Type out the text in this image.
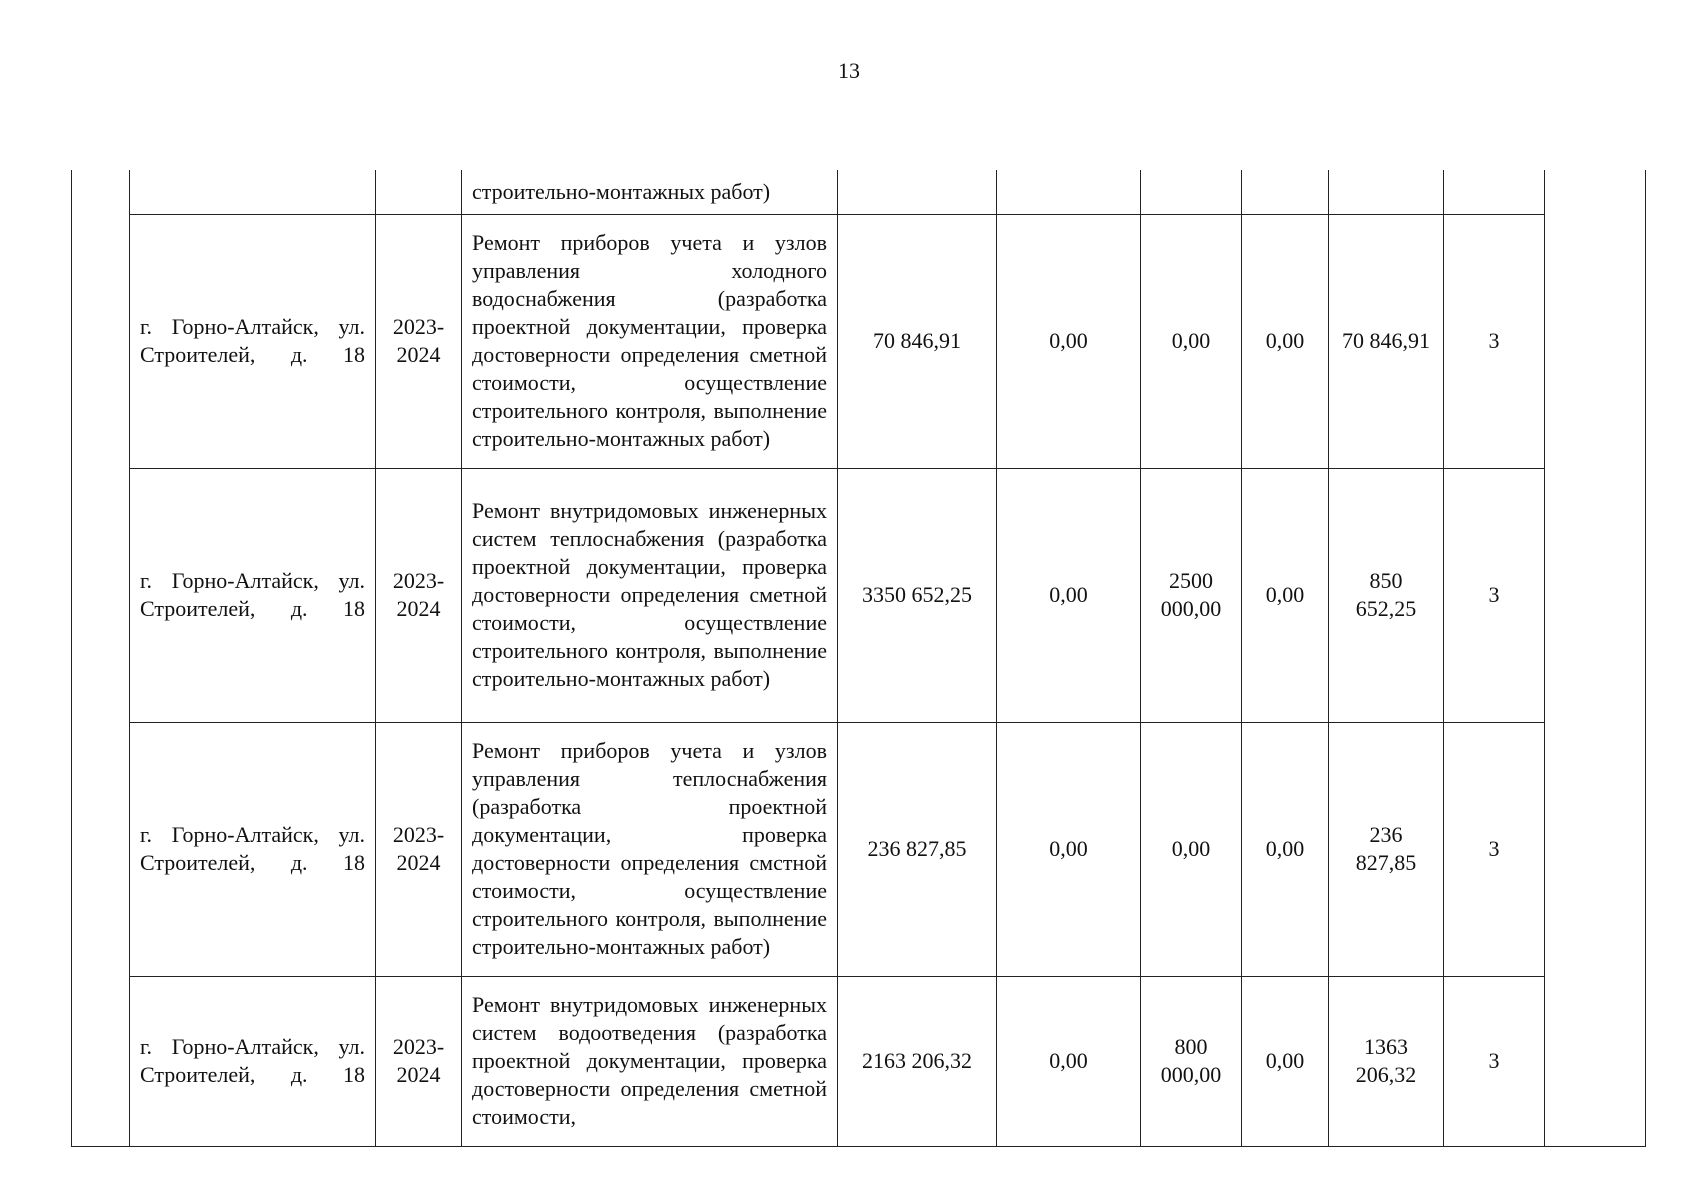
13

			строительно-монтажных работ)							

	г. Горно-Алтайск, ул. Строителей, д. 18	2023-2024	Ремонт приборов учета и узлов управления холодного водоснабжения (разработка проектной документации, проверка достоверности определения сметной стоимости, осуществление строительного контроля, выполнение строительно-монтажных работ)	70 846,91	0,00	0,00	0,00	70 846,91	3	
	г. Горно-Алтайск, ул. Строителей, д. 18	2023-2024	Ремонт внутридомовых инженерных систем теплоснабжения (разработка проектной документации, проверка достоверности определения сметной стоимости, осуществление строительного контроля, выполнение строительно-монтажных работ)	3350 652,25	0,00	2500 000,00	0,00	850 652,25	3	
	г. Горно-Алтайск, ул. Строителей, д. 18	2023-2024	Ремонт приборов учета и узлов управления теплоснабжения (разработка проектной документации, проверка достоверности определения смстной стоимости, осуществление строительного контроля, выполнение строительно-монтажных работ)	236 827,85	0,00	0,00	0,00	236 827,85	3	
	г. Горно-Алтайск, ул. Строителей, д. 18	2023-2024	Ремонт внутридомовых инженерных систем водоотведения (разработка проектной документации, проверка достоверности определения сметной стоимости,	2163 206,32	0,00	800 000,00	0,00	1363 206,32	3	
